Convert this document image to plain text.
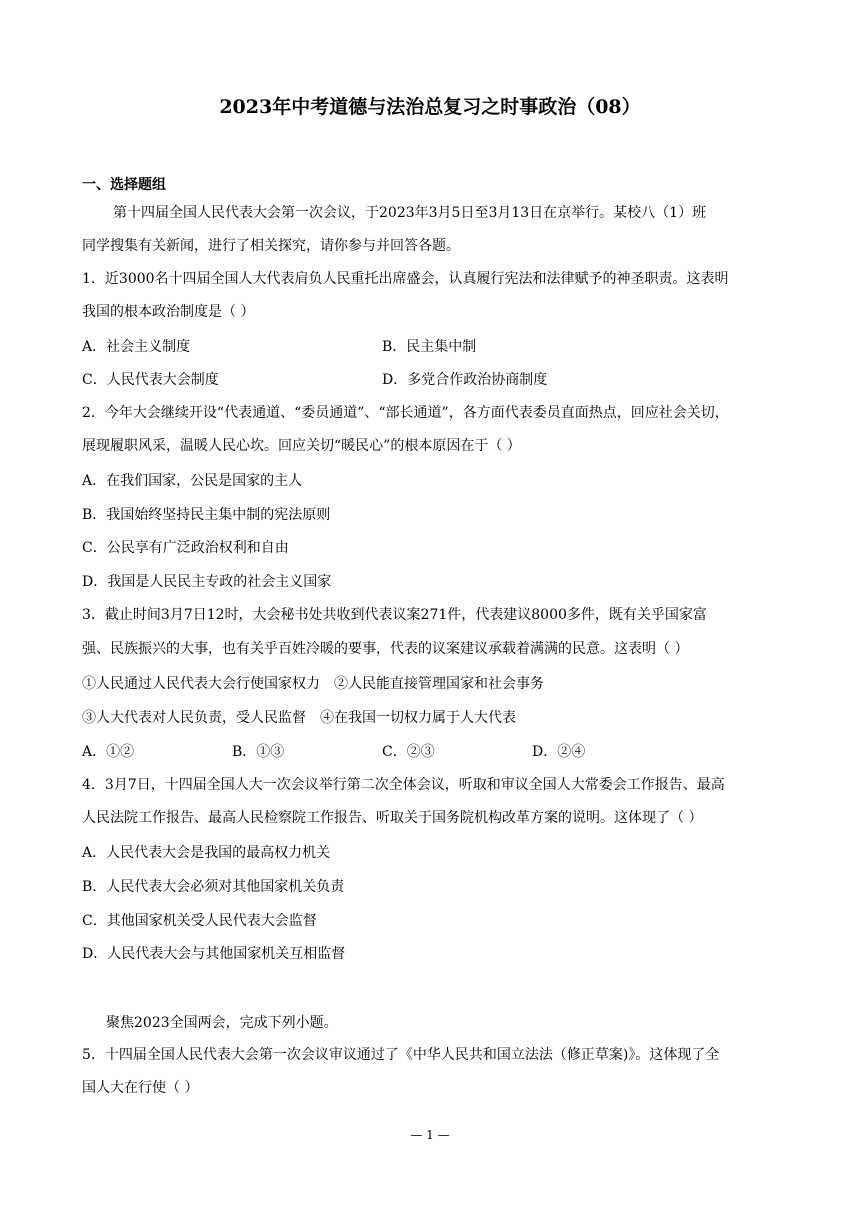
2023年中考道德与法治总复习之时事政治（08）
一、选择题组
第十四届全国人民代表大会第一次会议，于2023年3月5日至3月13日在京举行。某校八（1）班
同学搜集有关新闻，进行了相关探究，请你参与并回答各题。
1．近3000名十四届全国人大代表肩负人民重托出席盛会，认真履行宪法和法律赋予的神圣职责。这表明
我国的根本政治制度是（ ）
A．社会主义制度	B．民主集中制
C．人民代表大会制度	D．多党合作政治协商制度
2．今年大会继续开设“代表通道、“委员通道”、“部长通道”，各方面代表委员直面热点，回应社会关切，
展现履职风采，温暖人民心坎。回应关切“暖民心”的根本原因在于（ ）
A．在我们国家，公民是国家的主人
B．我国始终坚持民主集中制的宪法原则
C．公民享有广泛政治权利和自由
D．我国是人民民主专政的社会主义国家
3．截止时间3月7日12时，大会秘书处共收到代表议案271件，代表建议8000多件，既有关乎国家富
强、民族振兴的大事，也有关乎百姓冷暖的要事，代表的议案建议承载着满满的民意。这表明（ ）
①人民通过人民代表大会行使国家权力　②人民能直接管理国家和社会事务
③人大代表对人民负责，受人民监督　④在我国一切权力属于人大代表
A．①②	B．①③	C．②③	D．②④
4．3月7日，十四届全国人大一次会议举行第二次全体会议，听取和审议全国人大常委会工作报告、最高
人民法院工作报告、最高人民检察院工作报告、听取关于国务院机构改革方案的说明。这体现了（ ）
A．人民代表大会是我国的最高权力机关
B．人民代表大会必须对其他国家机关负责
C．其他国家机关受人民代表大会监督
D．人民代表大会与其他国家机关互相监督
聚焦2023全国两会，完成下列小题。
5．十四届全国人民代表大会第一次会议审议通过了《中华人民共和国立法法（修正草案)》。这体现了全
国人大在行使（ ）
— 1 —
